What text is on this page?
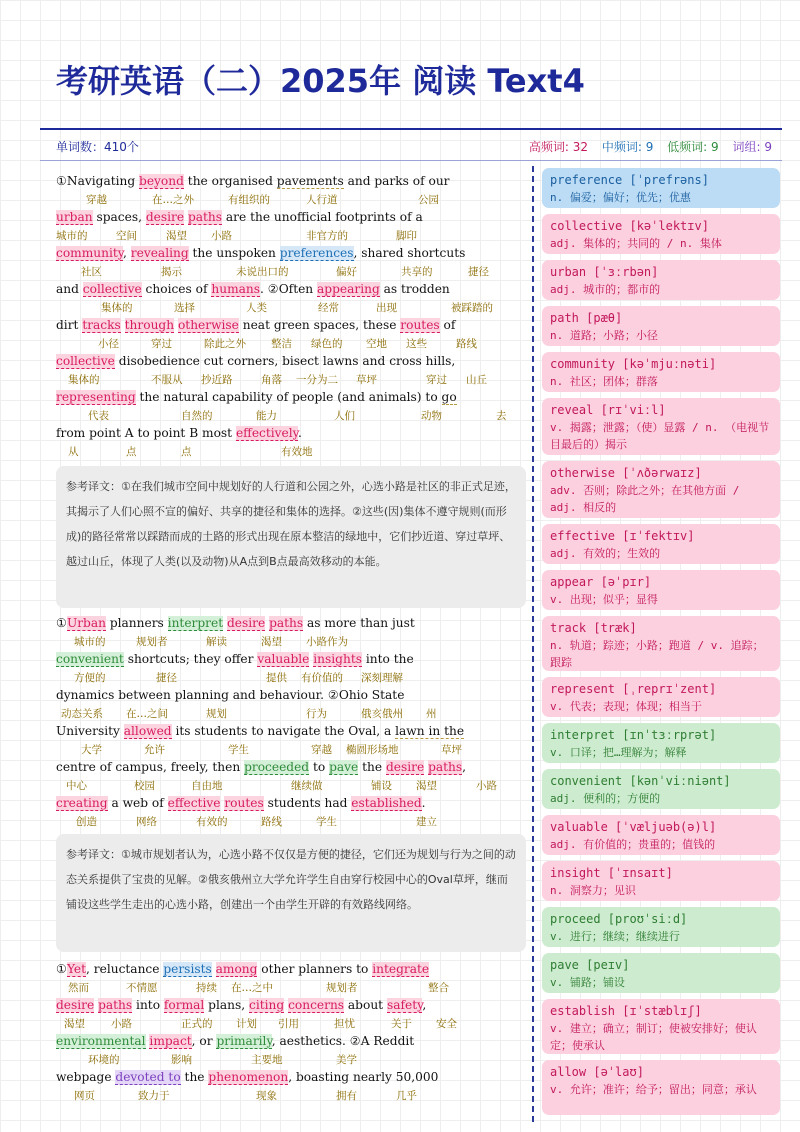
考研英语（二）2025年 阅读 Text4
单词数：410个	高频词: 32 中频词: 9 低频词: 9 词组: 9
①Navigating beyond the organised pavements and parks of our
穿越	在…之外	有组织的	人行道	公园
urban spaces, desire paths are the unofficial footprints of a
城市的	空间	渴望 小路	非官方的	脚印
community, revealing the unspoken preferences, shared shortcuts
社区	揭示	未说出口的	偏好	共享的	捷径
and collective choices of humans. ②Often appearing as trodden
集体的	选择	人类	经常	出现	被踩踏的
dirt tracks through otherwise neat green spaces, these routes of
小径	穿过	除此之外 整洁 绿色的 空地 这些	路线
collective disobedience cut corners, bisect lawns and cross hills,
集体的	不服从 抄近路	角落 一分为二 草坪	穿过 山丘
representing the natural capability of people (and animals) to go
代表	自然的	能力	人们	动物	去
from point A to point B most effectively.
从	点	点	有效地
参考译文：①在我们城市空间中规划好的人行道和公园之外，心选小路是社区的非正式足迹，其揭示了人们心照不宣的偏好、共享的捷径和集体的选择。②这些(因)集体不遵守规则(而形成)的路径常常以踩踏而成的土路的形式出现在原本整洁的绿地中，它们抄近道、穿过草坪、越过山丘，体现了人类(以及动物)从A点到B点最高效移动的本能。
①Urban planners interpret desire paths as more than just
城市的	规划者	解读	渴望 小路作为
convenient shortcuts; they offer valuable insights into the
方便的	捷径	提供 有价值的 深刻理解
dynamics between planning and behaviour. ②Ohio State
动态关系 在…之间	规划	行为	俄亥俄州 州
University allowed its students to navigate the Oval, a lawn in the
大学	允许	学生	穿越 椭圆形场地	草坪
centre of campus, freely, then proceeded to pave the desire paths,
中心	校园	自由地	继续做	铺设 渴望	小路
creating a web of effective routes students had established.
创造	网络	有效的	路线	学生	建立
参考译文：①城市规划者认为，心选小路不仅仅是方便的捷径，它们还为规划与行为之间的动态关系提供了宝贵的见解。②俄亥俄州立大学允许学生自由穿行校园中心的Oval草坪，继而铺设这些学生走出的心选小路，创建出一个由学生开辟的有效路线网络。
①Yet, reluctance persists among other planners to integrate
然而	不情愿	持续 在…之中	规划者	整合
desire paths into formal plans, citing concerns about safety,
渴望 小路	正式的 计划 引用	担忧	关于 安全
environmental impact, or primarily, aesthetics. ②A Reddit
环境的	影响	主要地	美学
webpage devoted to the phenomenon, boasting nearly 50,000
网页	致力于	现象	拥有	几乎
preference [ˈprefrəns]
n. 偏爱；偏好；优先；优惠
collective [kəˈlektɪv]
adj. 集体的；共同的 / n. 集体
urban [ˈɜːrbən]
adj. 城市的；都市的
path [pæθ]
n. 道路；小路；小径
community [kəˈmjuːnəti]
n. 社区；团体；群落
reveal [rɪˈviːl]
v. 揭露；泄露；（使）显露 / n. （电视节目最后的）揭示
otherwise [ˈʌðərwaɪz]
adv. 否则；除此之外；在其他方面 / adj. 相反的
effective [ɪˈfektɪv]
adj. 有效的；生效的
appear [əˈpɪr]
v. 出现；似乎；显得
track [træk]
n. 轨道；踪迹；小路；跑道 / v. 追踪；跟踪
represent [ˌreprɪˈzent]
v. 代表；表现；体现；相当于
interpret [ɪnˈtɜːrprət]
v. 口译；把…理解为；解释
convenient [kənˈviːniənt]
adj. 便利的；方便的
valuable [ˈvæljuəb(ə)l]
adj. 有价值的；贵重的；值钱的
insight [ˈɪnsaɪt]
n. 洞察力；见识
proceed [proʊˈsiːd]
v. 进行；继续；继续进行
pave [peɪv]
v. 铺路；铺设
establish [ɪˈstæblɪʃ]
v. 建立；确立；制订；使被安排好；使认定；使承认
allow [əˈlaʊ]
v. 允许；准许；给予；留出；同意；承认
